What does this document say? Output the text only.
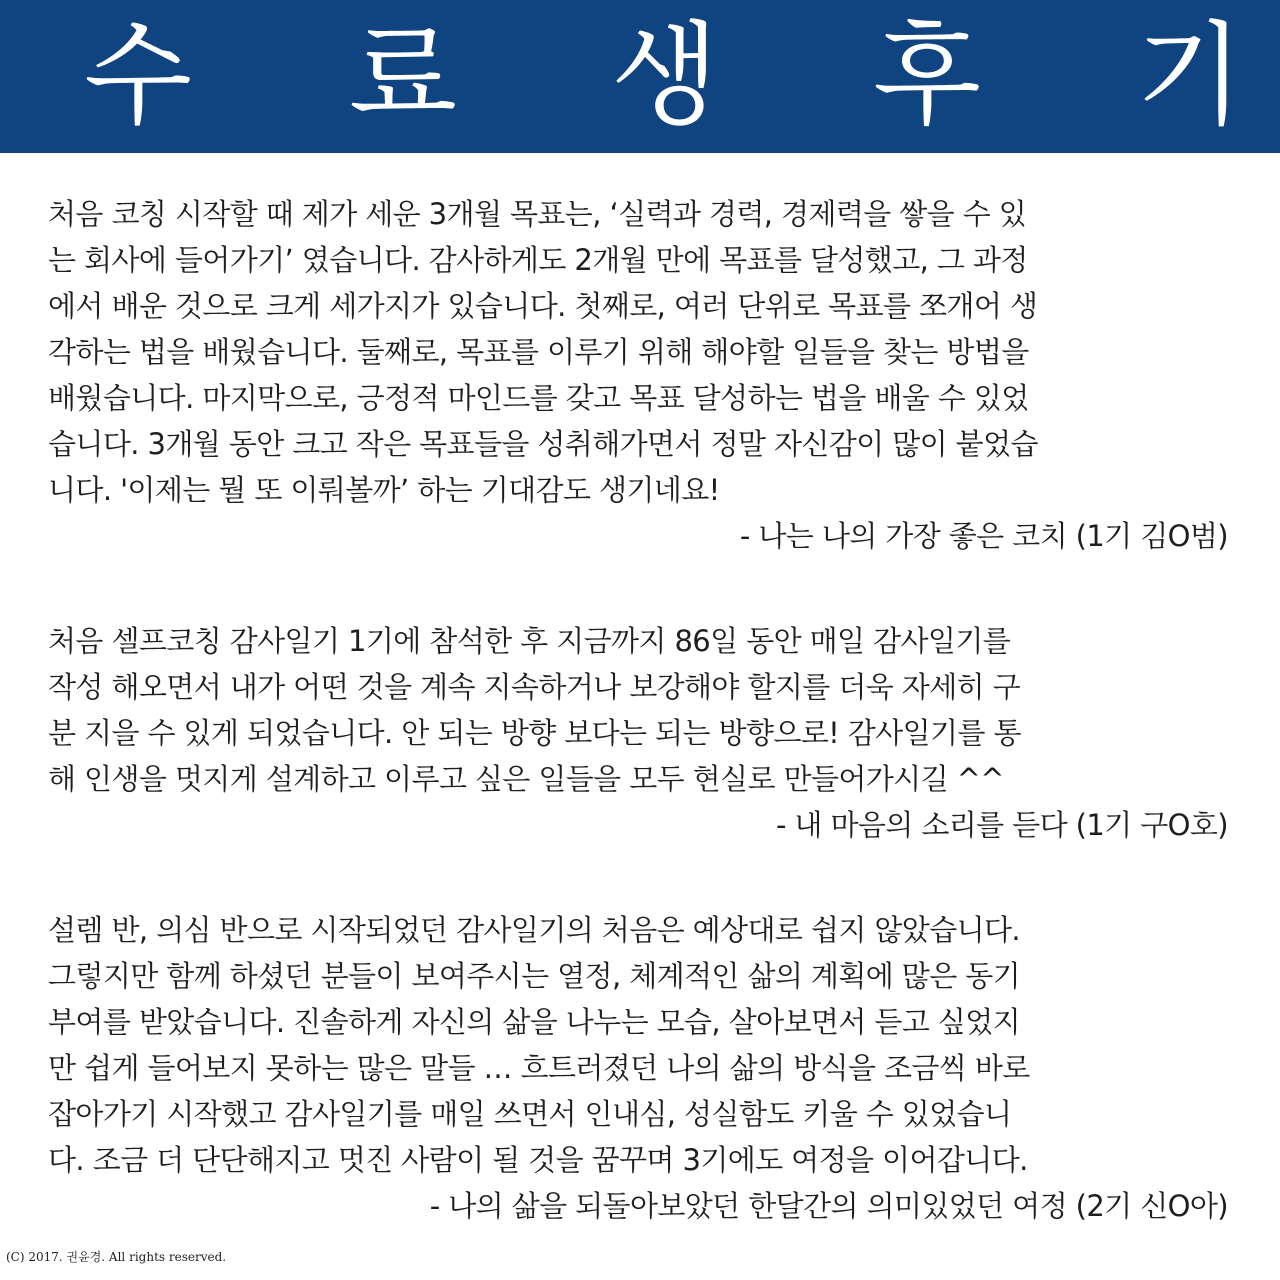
수	료	생	후	기
처음 코칭 시작할 때 제가 세운 3개월 목표는, ‘실력과 경력, 경제력을 쌓을 수 있
는 회사에 들어가기’ 였습니다. 감사하게도 2개월 만에 목표를 달성했고, 그 과정
에서 배운 것으로 크게 세가지가 있습니다. 첫째로, 여러 단위로 목표를 쪼개어 생
각하는 법을 배웠습니다. 둘째로, 목표를 이루기 위해 해야할 일들을 찾는 방법을
배웠습니다. 마지막으로, 긍정적 마인드를 갖고 목표 달성하는 법을 배울 수 있었
습니다. 3개월 동안 크고 작은 목표들을 성취해가면서 정말 자신감이 많이 붙었습
니다. '이제는 뭘 또 이뤄볼까’ 하는 기대감도 생기네요!
- 나는 나의 가장 좋은 코치 (1기 김O범)
처음 셀프코칭 감사일기 1기에 참석한 후 지금까지 86일 동안 매일 감사일기를
작성 해오면서 내가 어떤 것을 계속 지속하거나 보강해야 할지를 더욱 자세히 구
분 지을 수 있게 되었습니다. 안 되는 방향 보다는 되는 방향으로! 감사일기를 통
해 인생을 멋지게 설계하고 이루고 싶은 일들을 모두 현실로 만들어가시길 ^^
- 내 마음의 소리를 듣다 (1기 구O호)
설렘 반, 의심 반으로 시작되었던 감사일기의 처음은 예상대로 쉽지 않았습니다.
그렇지만 함께 하셨던 분들이 보여주시는 열정, 체계적인 삶의 계획에 많은 동기
부여를 받았습니다. 진솔하게 자신의 삶을 나누는 모습, 살아보면서 듣고 싶었지
만 쉽게 들어보지 못하는 많은 말들 … 흐트러졌던 나의 삶의 방식을 조금씩 바로
잡아가기 시작했고 감사일기를 매일 쓰면서 인내심, 성실함도 키울 수 있었습니
다. 조금 더 단단해지고 멋진 사람이 될 것을 꿈꾸며 3기에도 여정을 이어갑니다.
- 나의 삶을 되돌아보았던 한달간의 의미있었던 여정 (2기 신O아)
(C) 2017. 권윤경. All rights reserved.
